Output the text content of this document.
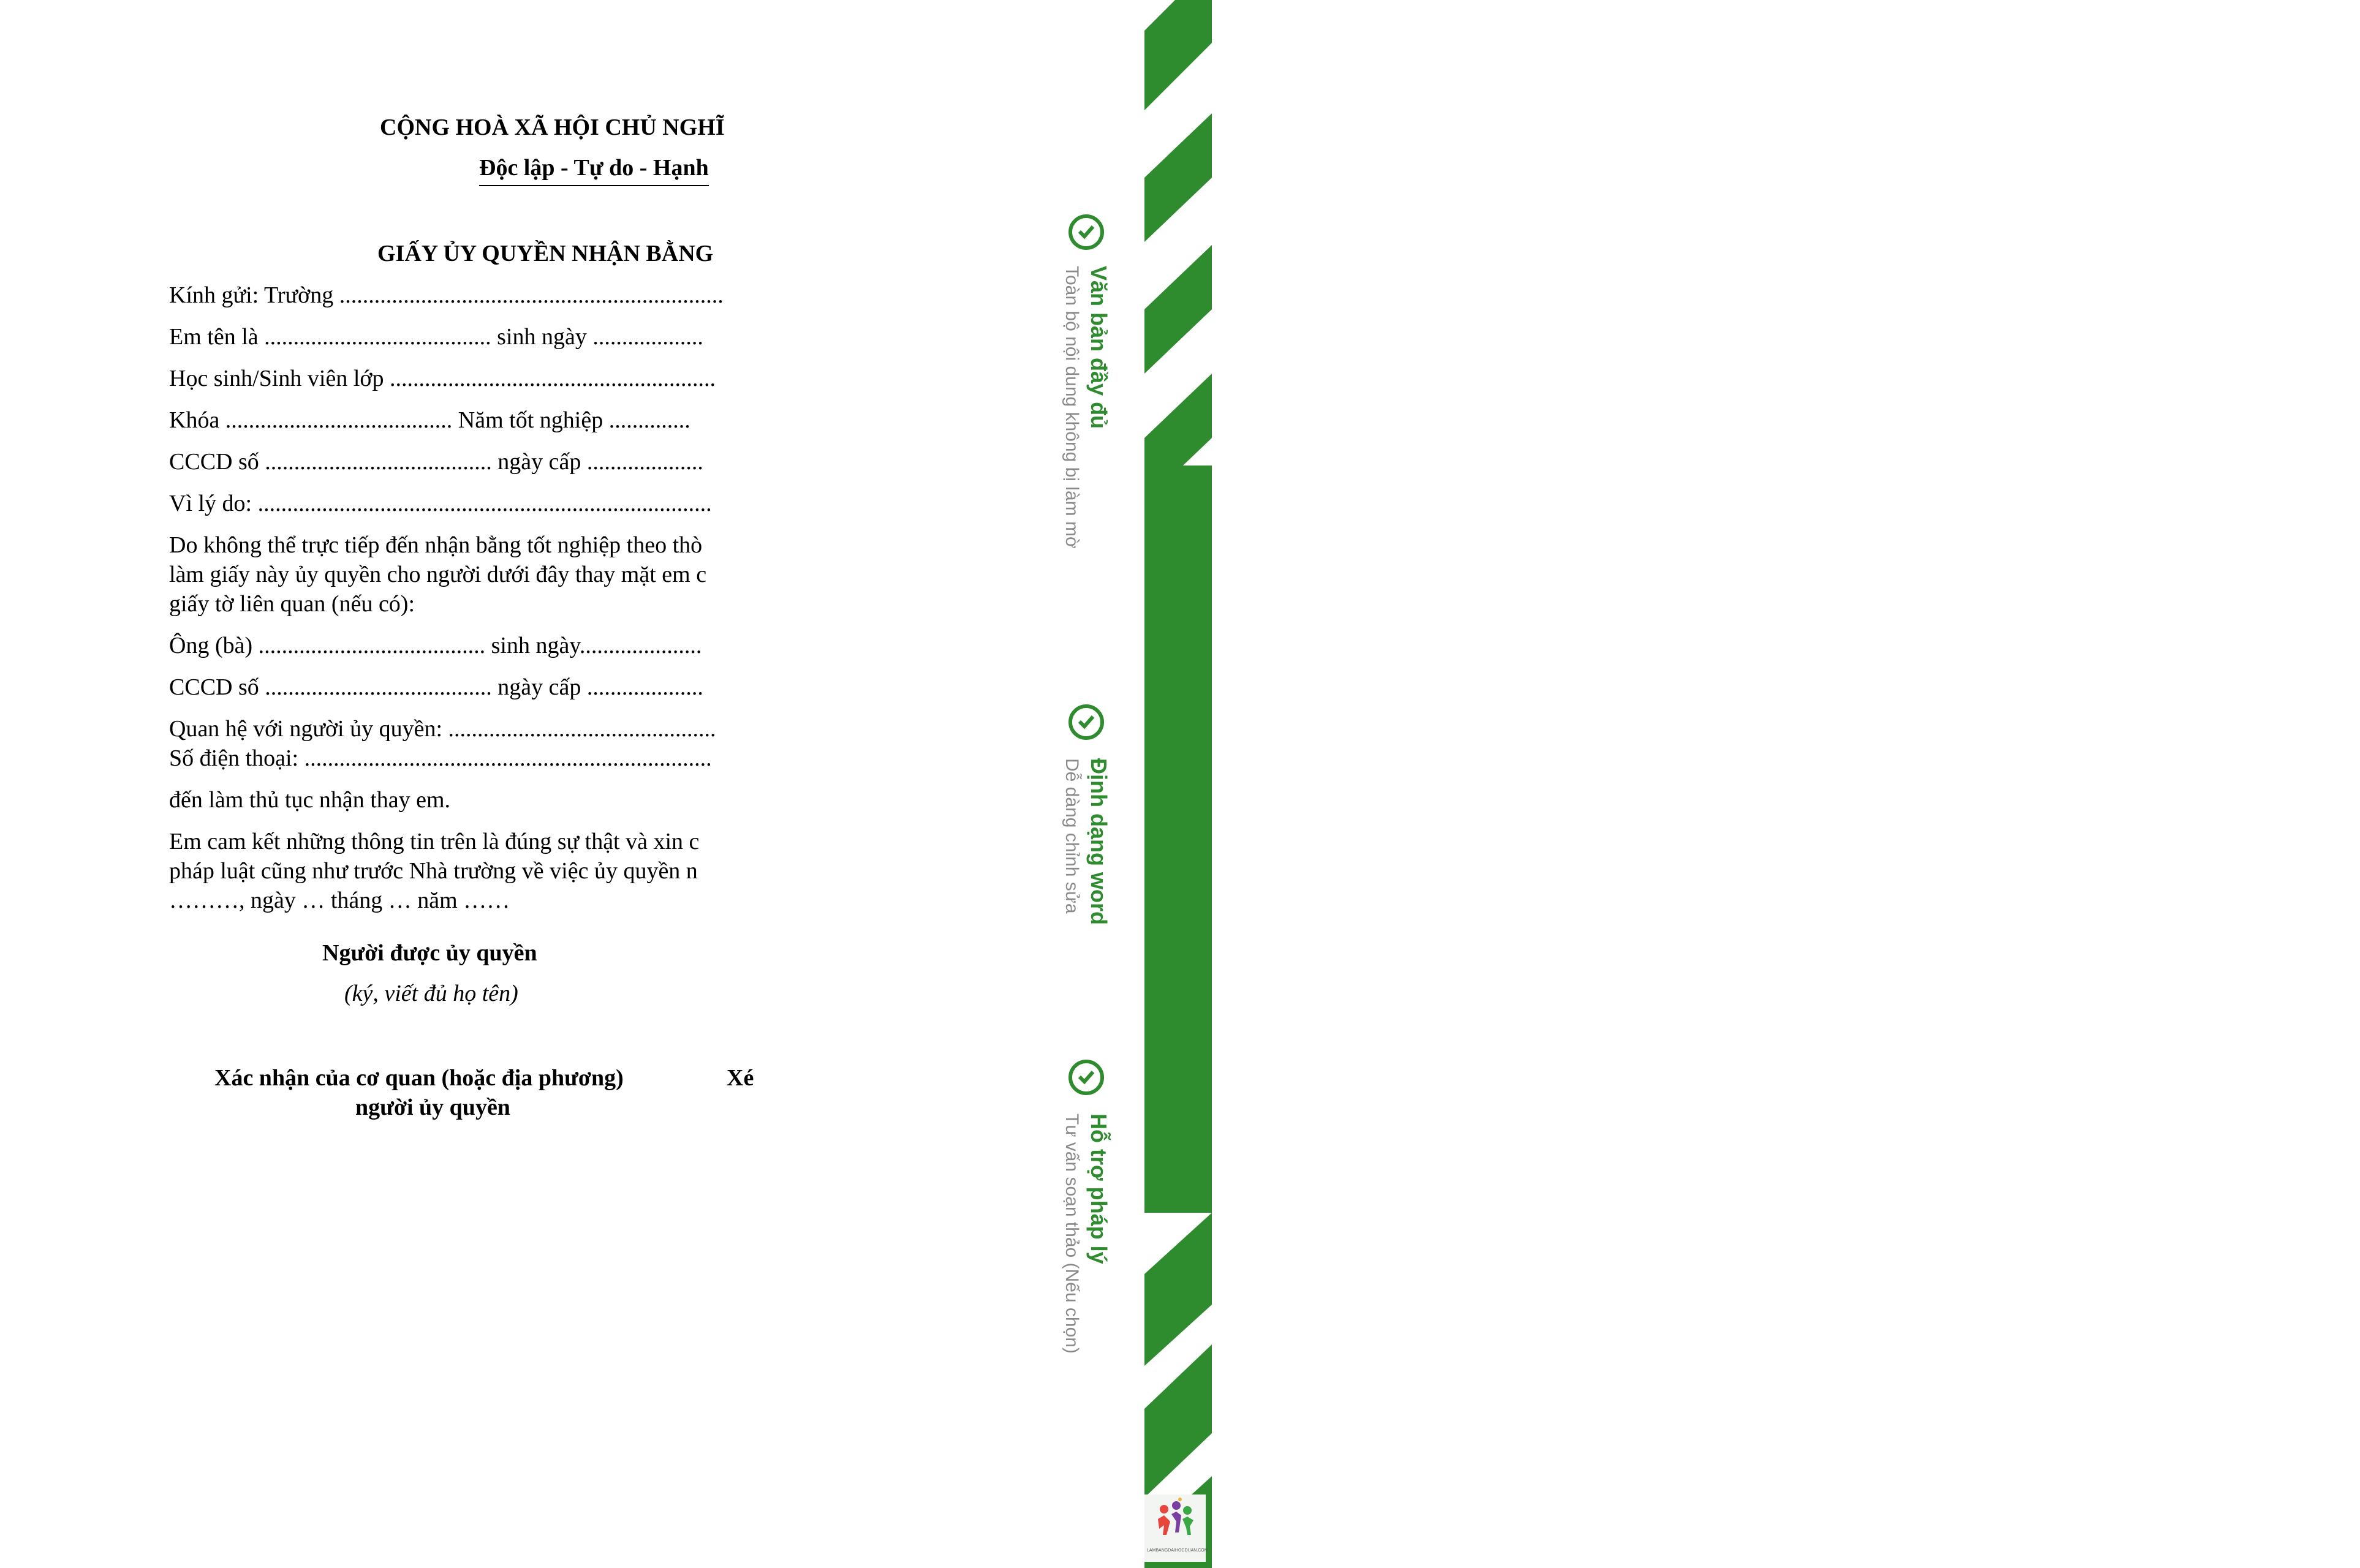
CỘNG HOÀ XÃ HỘI CHỦ NGHĨ
Độc lập - Tự do - Hạnh
GIẤY ỦY QUYỀN NHẬN BẰNG
Kính gửi: Trường ..................................................................
Em tên là ....................................... sinh ngày ...................
Học sinh/Sinh viên lớp ........................................................
Khóa ....................................... Năm tốt nghiệp ..............
CCCD số ....................................... ngày cấp ....................
Vì lý do: ..............................................................................
Do không thể trực tiếp đến nhận bằng tốt nghiệp theo thò
làm giấy này ủy quyền cho người dưới đây thay mặt em c
giấy tờ liên quan (nếu có):
Ông (bà) ....................................... sinh ngày.....................
CCCD số ....................................... ngày cấp ....................
Quan hệ với người ủy quyền: ..............................................
Số điện thoại: ......................................................................
đến làm thủ tục nhận thay em.
Em cam kết những thông tin trên là đúng sự thật và xin c
pháp luật cũng như trước Nhà trường về việc ủy quyền n
………, ngày … tháng … năm ……
Người được ủy quyền
(ký, viết đủ họ tên)
Xác nhận của cơ quan (hoặc địa phương)
người ủy quyền
Xé
Tải xuống và nhận ngay
Văn bản đầy đủ
Toàn bộ nội dung không bị làm mờ
Định dạng word
Dễ dàng chỉnh sửa
Hỗ trợ pháp lý
Tư vấn soạn thảo (Nếu chọn)
LAMBANGDAIHOCDUAN.COM
